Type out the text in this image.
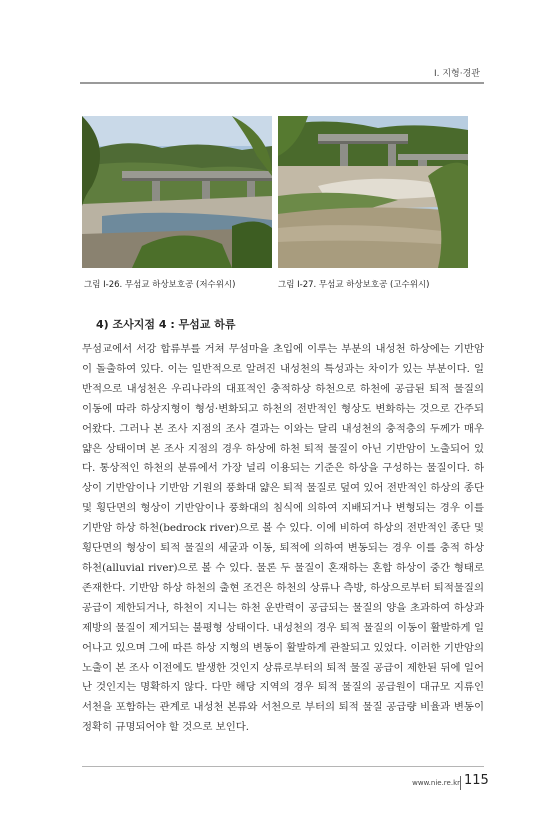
Ⅰ. 지형·경관
그림 Ⅰ-26. 무섬교 하상보호공 (저수위시)	그림 Ⅰ-27. 무섬교 하상보호공 (고수위시)
4) 조사지점 4 : 무섬교 하류

무섬교에서 서강 합류부를 거쳐 무섬마을 초입에 이루는 부분의 내성천 하상에는 기반암이 돌출하여 있다. 이는 일반적으로 알려진 내성천의 특성과는 차이가 있는 부분이다. 일반적으로 내성천은 우리나라의 대표적인 충적하상 하천으로 하천에 공급된 퇴적 물질의 이동에 따라 하상지형이 형성·변화되고 하천의 전반적인 형상도 변화하는 것으로 간주되어왔다. 그러나 본 조사 지점의 조사 결과는 이와는 달리 내성천의 충적층의 두께가 매우 얇은 상태이며 본 조사 지점의 경우 하상에 하천 퇴적 물질이 아닌 기반암이 노출되어 있다. 통상적인 하천의 분류에서 가장 널리 이용되는 기준은 하상을 구성하는 물질이다. 하상이 기반암이나 기반암 기원의 풍화대 얇은 퇴적 물질로 덮여 있어 전반적인 하상의 종단 및 횡단면의 형상이 기반암이나 풍화대의 침식에 의하여 지배되거나 변형되는 경우 이를 기반암 하상 하천(bedrock river)으로 볼 수 있다. 이에 비하여 하상의 전반적인 종단 및 횡단면의 형상이 퇴적 물질의 세굴과 이동, 퇴적에 의하여 변동되는 경우 이를 충적 하상 하천(alluvial river)으로 볼 수 있다. 물론 두 물질이 혼재하는 혼합 하상이 중간 형태로 존재한다. 기반암 하상 하천의 출현 조건은 하천의 상류나 측방, 하상으로부터 퇴적물질의 공급이 제한되거나, 하천이 지니는 하천 운반력이 공급되는 물질의 양을 초과하여 하상과 제방의 물질이 제거되는 불평형 상태이다. 내성천의 경우 퇴적 물질의 이동이 활발하게 일어나고 있으며 그에 따른 하상 지형의 변동이 활발하게 관찰되고 있었다. 이러한 기반암의 노출이 본 조사 이전에도 발생한 것인지 상류로부터의 퇴적 물질 공급이 제한된 뒤에 일어난 것인지는 명확하지 않다. 다만 해당 지역의 경우 퇴적 물질의 공급원이 대규모 지류인 서천을 포함하는 관계로 내성천 본류와 서천으로 부터의 퇴적 물질 공급량 비율과 변동이 정확히 규명되어야 할 것으로 보인다.

www.nie.re.kr 115
